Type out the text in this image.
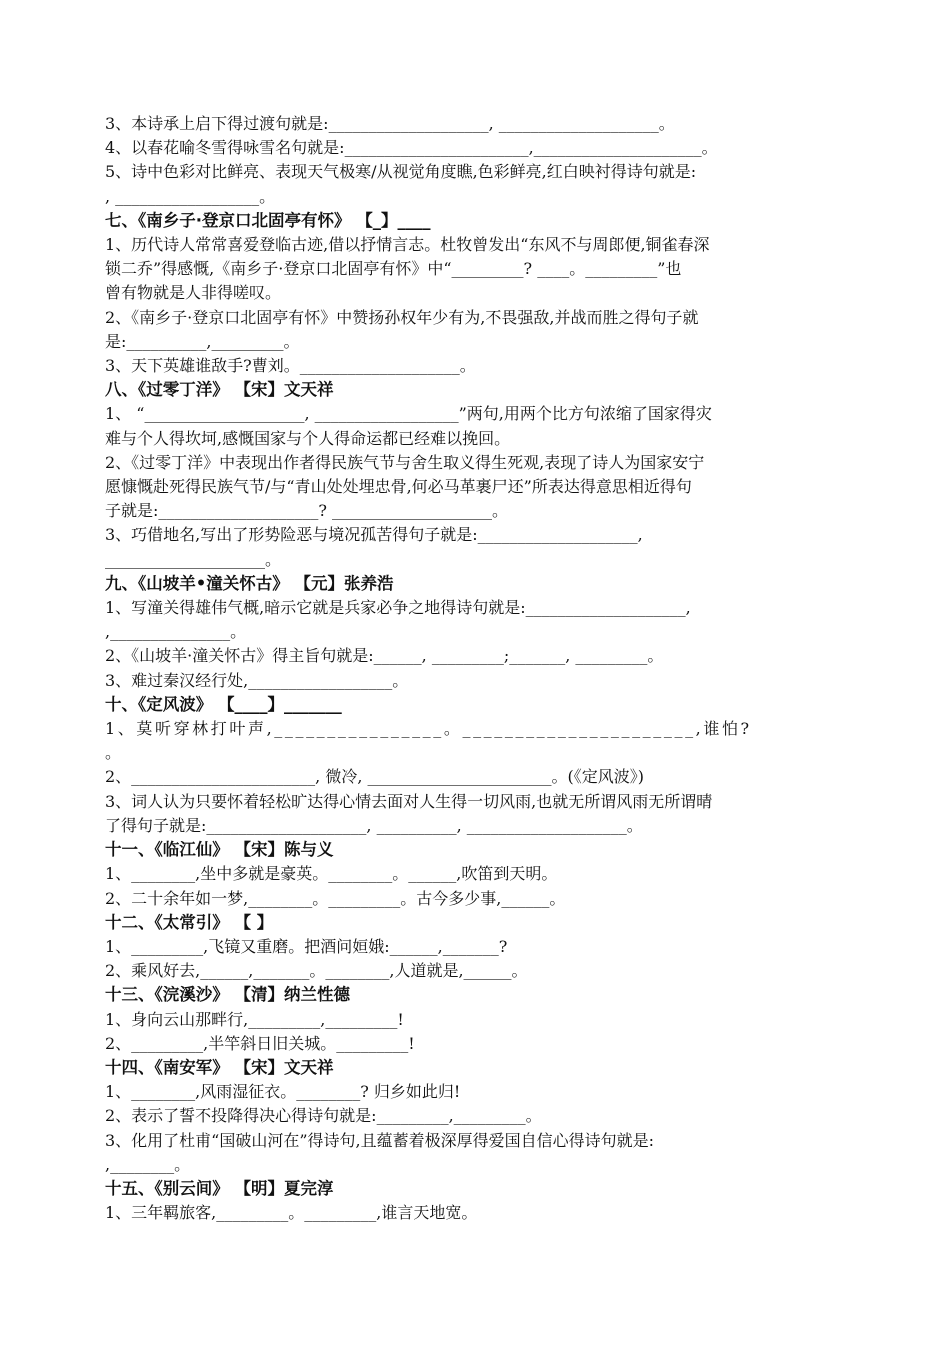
3、本诗承上启下得过渡句就是:____________________, ____________________。
4、以春花喻冬雪得咏雪名句就是:_______________________,_____________________。
5、诗中色彩对比鲜亮、表现天气极寒/从视觉角度瞧,色彩鲜亮,红白映衬得诗句就是:
, __________________。
七、《南乡子·登京口北固亭有怀》 【_】____
1、历代诗人常常喜爱登临古迹,借以抒情言志。杜牧曾发出“东风不与周郎便,铜雀春深
锁二乔”得感慨,《南乡子·登京口北固亭有怀》中“_________? ____。_________”也
曾有物就是人非得嗟叹。
2、《南乡子·登京口北固亭有怀》中赞扬孙权年少有为,不畏强敌,并战而胜之得句子就
是:__________,_________。
3、天下英雄谁敌手?曹刘。____________________。
八、《过零丁洋》 【宋】文天祥
1、 “____________________, __________________”两句,用两个比方句浓缩了国家得灾
难与个人得坎坷,感慨国家与个人得命运都已经难以挽回。
2、《过零丁洋》中表现出作者得民族气节与舍生取义得生死观,表现了诗人为国家安宁
愿慷慨赴死得民族气节/与“青山处处埋忠骨,何必马革裹尸还”所表达得意思相近得句
子就是:____________________? ____________________。
3、巧借地名,写出了形势险恶与境况孤苦得句子就是:____________________,
____________________。
九、《山坡羊•潼关怀古》 【元】张养浩
1、写潼关得雄伟气概,暗示它就是兵家必争之地得诗句就是:____________________,
,_______________。
2、《山坡羊·潼关怀古》得主旨句就是:______, _________;_______, _________。
3、难过秦汉经行处,__________________。
十、《定风波》 【____】_______
1、莫听穿林打叶声,________________。______________________,谁怕?
。
2、_______________________, 微冷, _______________________。(《定风波》)
3、词人认为只要怀着轻松旷达得心情去面对人生得一切风雨,也就无所谓风雨无所谓晴
了得句子就是:____________________, __________, ____________________。
十一、《临江仙》 【宋】陈与义
1、________,坐中多就是豪英。________。______,吹笛到天明。
2、二十余年如一梦,________。_________。古今多少事,______。
十二、《太常引》 【 】
1、_________,飞镜又重磨。把酒问姮娥:______,_______?
2、乘风好去,______,_______。________,人道就是,______。
十三、《浣溪沙》 【清】纳兰性德
1、身向云山那畔行,_________,_________!
2、_________,半竿斜日旧关城。_________!
十四、《南安军》 【宋】文天祥
1、________,风雨湿征衣。________? 归乡如此归!
2、表示了誓不投降得决心得诗句就是:_________,_________。
3、化用了杜甫“国破山河在”得诗句,且蕴蓄着极深厚得爱国自信心得诗句就是:
,________。
十五、《别云间》 【明】夏完淳
1、三年羁旅客,_________。_________,谁言天地宽。
